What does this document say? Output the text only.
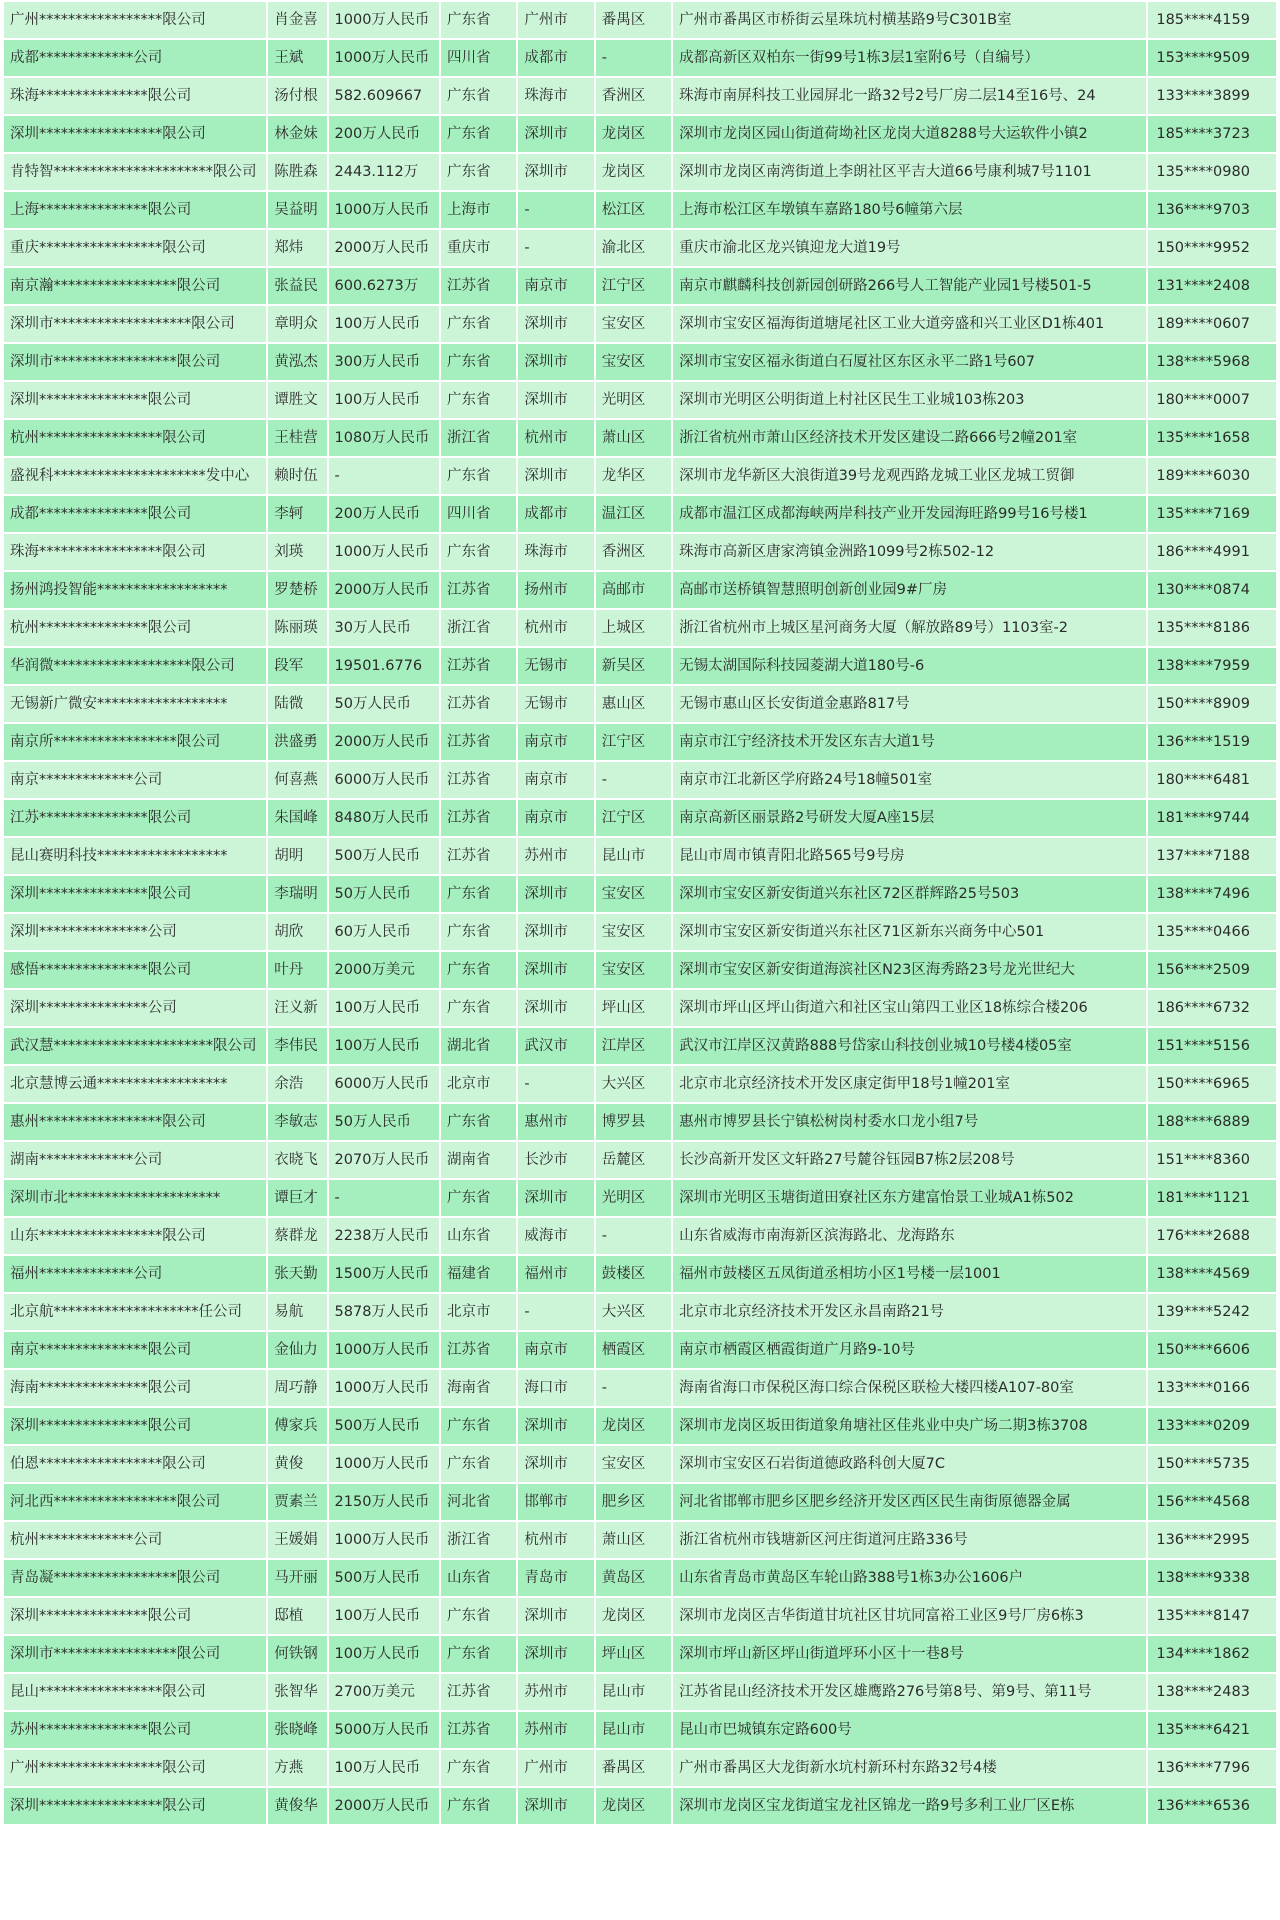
广州*****************限公司	肖金喜	1000万人民币	广东省	广州市	番禺区	广州市番禺区市桥街云星珠坑村横基路9号C301B室	185****4159
成都*************公司	王斌	1000万人民币	四川省	成都市	-	成都高新区双柏东一街99号1栋3层1室附6号（自编号）	153****9509
珠海***************限公司	汤付根	582.609667	广东省	珠海市	香洲区	珠海市南屏科技工业园屏北一路32号2号厂房二层14至16号、24	133****3899
深圳*****************限公司	林金妹	200万人民币	广东省	深圳市	龙岗区	深圳市龙岗区园山街道荷坳社区龙岗大道8288号大运软件小镇2	185****3723
肯特智**********************限公司	陈胜森	2443.112万	广东省	深圳市	龙岗区	深圳市龙岗区南湾街道上李朗社区平吉大道66号康利城7号1101	135****0980
上海***************限公司	吴益明	1000万人民币	上海市	-	松江区	上海市松江区车墩镇车嘉路180号6幢第六层	136****9703
重庆*****************限公司	郑炜	2000万人民币	重庆市	-	渝北区	重庆市渝北区龙兴镇迎龙大道19号	150****9952
南京瀚*****************限公司	张益民	600.6273万	江苏省	南京市	江宁区	南京市麒麟科技创新园创研路266号人工智能产业园1号楼501-5	131****2408
深圳市*******************限公司	章明众	100万人民币	广东省	深圳市	宝安区	深圳市宝安区福海街道塘尾社区工业大道旁盛和兴工业区D1栋401	189****0607
深圳市*****************限公司	黄泓杰	300万人民币	广东省	深圳市	宝安区	深圳市宝安区福永街道白石厦社区东区永平二路1号607	138****5968
深圳***************限公司	谭胜文	100万人民币	广东省	深圳市	光明区	深圳市光明区公明街道上村社区民生工业城103栋203	180****0007
杭州*****************限公司	王桂营	1080万人民币	浙江省	杭州市	萧山区	浙江省杭州市萧山区经济技术开发区建设二路666号2幢201室	135****1658
盛视科*********************发中心	赖时伍	-	广东省	深圳市	龙华区	深圳市龙华新区大浪街道39号龙观西路龙城工业区龙城工贸御	189****6030
成都***************限公司	李轲	200万人民币	四川省	成都市	温江区	成都市温江区成都海峡两岸科技产业开发园海旺路99号16号楼1	135****7169
珠海*****************限公司	刘瑛	1000万人民币	广东省	珠海市	香洲区	珠海市高新区唐家湾镇金洲路1099号2栋502-12	186****4991
扬州鸿投智能******************	罗楚桥	2000万人民币	江苏省	扬州市	高邮市	高邮市送桥镇智慧照明创新创业园9#厂房	130****0874
杭州***************限公司	陈丽瑛	30万人民币	浙江省	杭州市	上城区	浙江省杭州市上城区星河商务大厦（解放路89号）1103室-2	135****8186
华润微*******************限公司	段军	19501.6776	江苏省	无锡市	新吴区	无锡太湖国际科技园菱湖大道180号-6	138****7959
无锡新广微安******************	陆微	50万人民币	江苏省	无锡市	惠山区	无锡市惠山区长安街道金惠路817号	150****8909
南京所*****************限公司	洪盛勇	2000万人民币	江苏省	南京市	江宁区	南京市江宁经济技术开发区东吉大道1号	136****1519
南京*************公司	何喜燕	6000万人民币	江苏省	南京市	-	南京市江北新区学府路24号18幢501室	180****6481
江苏***************限公司	朱国峰	8480万人民币	江苏省	南京市	江宁区	南京高新区丽景路2号研发大厦A座15层	181****9744
昆山赛明科技******************	胡明	500万人民币	江苏省	苏州市	昆山市	昆山市周市镇青阳北路565号9号房	137****7188
深圳***************限公司	李瑞明	50万人民币	广东省	深圳市	宝安区	深圳市宝安区新安街道兴东社区72区群辉路25号503	138****7496
深圳***************公司	胡欣	60万人民币	广东省	深圳市	宝安区	深圳市宝安区新安街道兴东社区71区新东兴商务中心501	135****0466
感悟***************限公司	叶丹	2000万美元	广东省	深圳市	宝安区	深圳市宝安区新安街道海滨社区N23区海秀路23号龙光世纪大	156****2509
深圳***************公司	汪义新	100万人民币	广东省	深圳市	坪山区	深圳市坪山区坪山街道六和社区宝山第四工业区18栋综合楼206	186****6732
武汉慧**********************限公司	李伟民	100万人民币	湖北省	武汉市	江岸区	武汉市江岸区汉黄路888号岱家山科技创业城10号楼4楼05室	151****5156
北京慧博云通******************	余浩	6000万人民币	北京市	-	大兴区	北京市北京经济技术开发区康定街甲18号1幢201室	150****6965
惠州*****************限公司	李敏志	50万人民币	广东省	惠州市	博罗县	惠州市博罗县长宁镇松树岗村委水口龙小组7号	188****6889
湖南*************公司	衣晓飞	2070万人民币	湖南省	长沙市	岳麓区	长沙高新开发区文轩路27号麓谷钰园B7栋2层208号	151****8360
深圳市北*********************	谭巨才	-	广东省	深圳市	光明区	深圳市光明区玉塘街道田寮社区东方建富怡景工业城A1栋502	181****1121
山东*****************限公司	蔡群龙	2238万人民币	山东省	威海市	-	山东省威海市南海新区滨海路北、龙海路东	176****2688
福州*************公司	张天勤	1500万人民币	福建省	福州市	鼓楼区	福州市鼓楼区五凤街道丞相坊小区1号楼一层1001	138****4569
北京航********************任公司	易航	5878万人民币	北京市	-	大兴区	北京市北京经济技术开发区永昌南路21号	139****5242
南京***************限公司	金仙力	1000万人民币	江苏省	南京市	栖霞区	南京市栖霞区栖霞街道广月路9-10号	150****6606
海南***************限公司	周巧静	1000万人民币	海南省	海口市	-	海南省海口市保税区海口综合保税区联检大楼四楼A107-80室	133****0166
深圳***************限公司	傅家兵	500万人民币	广东省	深圳市	龙岗区	深圳市龙岗区坂田街道象角塘社区佳兆业中央广场二期3栋3708	133****0209
伯恩*****************限公司	黄俊	1000万人民币	广东省	深圳市	宝安区	深圳市宝安区石岩街道德政路科创大厦7C	150****5735
河北西*****************限公司	贾素兰	2150万人民币	河北省	邯郸市	肥乡区	河北省邯郸市肥乡区肥乡经济开发区西区民生南街原德器金属	156****4568
杭州*************公司	王媛娟	1000万人民币	浙江省	杭州市	萧山区	浙江省杭州市钱塘新区河庄街道河庄路336号	136****2995
青岛凝*****************限公司	马开丽	500万人民币	山东省	青岛市	黄岛区	山东省青岛市黄岛区车轮山路388号1栋3办公1606户	138****9338
深圳***************限公司	邸植	100万人民币	广东省	深圳市	龙岗区	深圳市龙岗区吉华街道甘坑社区甘坑同富裕工业区9号厂房6栋3	135****8147
深圳市*****************限公司	何铁钢	100万人民币	广东省	深圳市	坪山区	深圳市坪山新区坪山街道坪环小区十一巷8号	134****1862
昆山*****************限公司	张智华	2700万美元	江苏省	苏州市	昆山市	江苏省昆山经济技术开发区雄鹰路276号第8号、第9号、第11号	138****2483
苏州***************限公司	张晓峰	5000万人民币	江苏省	苏州市	昆山市	昆山市巴城镇东定路600号	135****6421
广州*****************限公司	方燕	100万人民币	广东省	广州市	番禺区	广州市番禺区大龙街新水坑村新环村东路32号4楼	136****7796
深圳*****************限公司	黄俊华	2000万人民币	广东省	深圳市	龙岗区	深圳市龙岗区宝龙街道宝龙社区锦龙一路9号多利工业厂区E栋	136****6536
